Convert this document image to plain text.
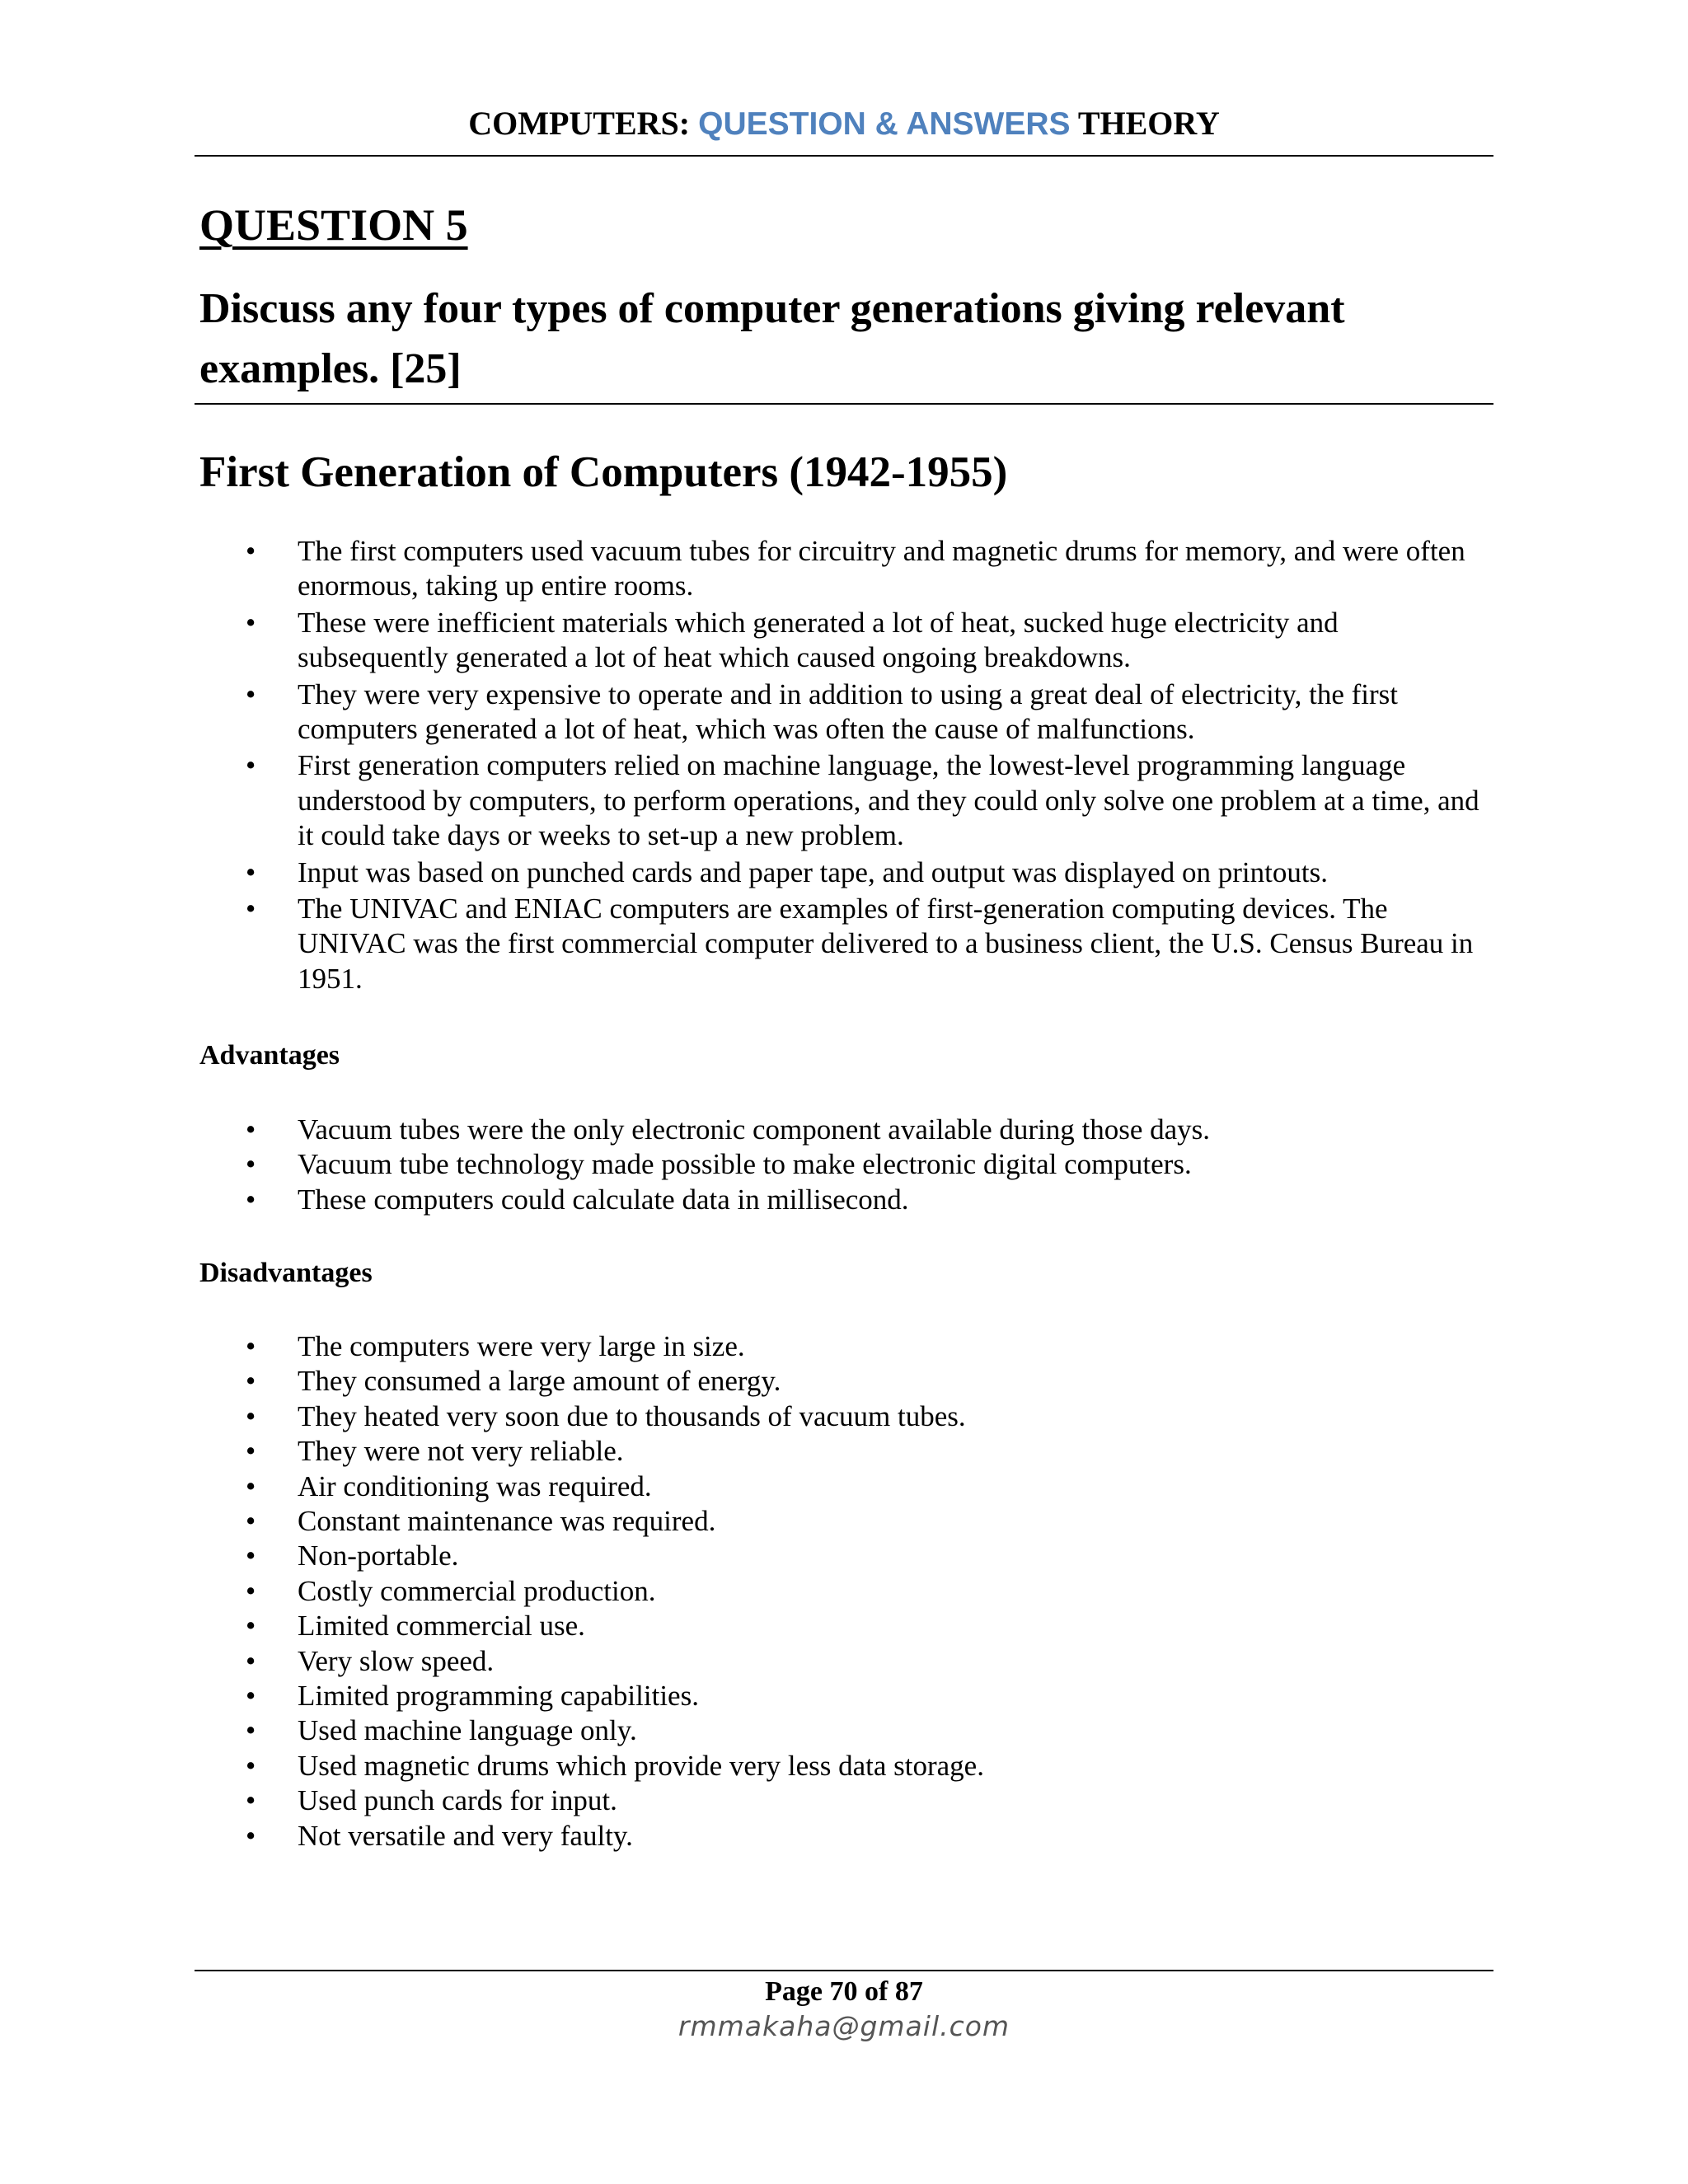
COMPUTERS: QUESTION & ANSWERS THEORY
QUESTION 5
Discuss any four types of computer generations giving relevant examples. [25]
First Generation of Computers (1942-1955)
• The first computers used vacuum tubes for circuitry and magnetic drums for memory, and were often enormous, taking up entire rooms.
• These were inefficient materials which generated a lot of heat, sucked huge electricity and subsequently generated a lot of heat which caused ongoing breakdowns.
• They were very expensive to operate and in addition to using a great deal of electricity, the first computers generated a lot of heat, which was often the cause of malfunctions.
• First generation computers relied on machine language, the lowest-level programming language understood by computers, to perform operations, and they could only solve one problem at a time, and it could take days or weeks to set-up a new problem.
• Input was based on punched cards and paper tape, and output was displayed on printouts.
• The UNIVAC and ENIAC computers are examples of first-generation computing devices. The UNIVAC was the first commercial computer delivered to a business client, the U.S. Census Bureau in 1951.
Advantages
• Vacuum tubes were the only electronic component available during those days.
• Vacuum tube technology made possible to make electronic digital computers.
• These computers could calculate data in millisecond.
Disadvantages
• The computers were very large in size.
• They consumed a large amount of energy.
• They heated very soon due to thousands of vacuum tubes.
• They were not very reliable.
• Air conditioning was required.
• Constant maintenance was required.
• Non-portable.
• Costly commercial production.
• Limited commercial use.
• Very slow speed.
• Limited programming capabilities.
• Used machine language only.
• Used magnetic drums which provide very less data storage.
• Used punch cards for input.
• Not versatile and very faulty.
Page 70 of 87
rmmakaha@gmail.com
